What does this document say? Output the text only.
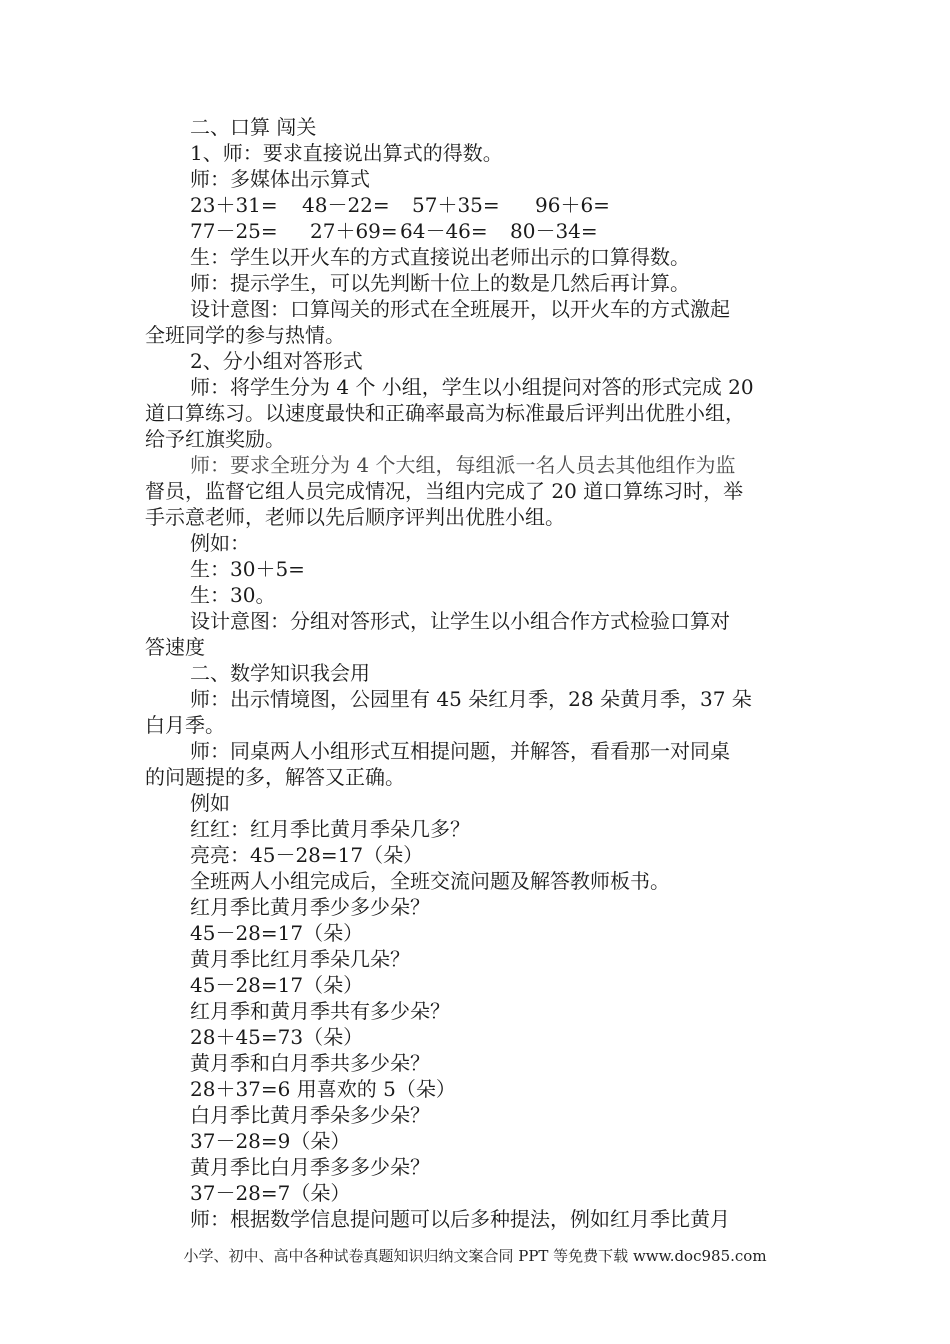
二、口算 闯关
1、师：要求直接说出算式的得数。
师：多媒体出示算式
23＋31=	48－22=	57＋35=	96＋6=
77－25=	27＋69= 64－46=	80－34=
生：学生以开火车的方式直接说出老师出示的口算得数。
师：提示学生，可以先判断十位上的数是几然后再计算。
设计意图：口算闯关的形式在全班展开，以开火车的方式激起
全班同学的参与热情。
2、分小组对答形式
师：将学生分为 4 个 小组，学生以小组提问对答的形式完成 20
道口算练习。以速度最快和正确率最高为标准最后评判出优胜小组，
给予红旗奖励。
师：要求全班分为 4 个大组，每组派一名人员去其他组作为监
督员，监督它组人员完成情况，当组内完成了 20 道口算练习时，举
手示意老师，老师以先后顺序评判出优胜小组。
例如：
生：30＋5=
生：30。
设计意图：分组对答形式，让学生以小组合作方式检验口算对
答速度
二、数学知识我会用
师：出示情境图，公园里有 45 朵红月季，28 朵黄月季，37 朵
白月季。
师：同桌两人小组形式互相提问题，并解答，看看那一对同桌
的问题提的多，解答又正确。
例如
红红：红月季比黄月季朵几多？
亮亮：45－28=17（朵）
全班两人小组完成后，全班交流问题及解答教师板书。
红月季比黄月季少多少朵？
45－28=17（朵）
黄月季比红月季朵几朵？
45－28=17（朵）
红月季和黄月季共有多少朵？
28＋45=73（朵）
黄月季和白月季共多少朵？
28＋37=6 用喜欢的 5（朵）
白月季比黄月季朵多少朵？
37－28=9（朵）
黄月季比白月季多多少朵？
37－28=7（朵）
师：根据数学信息提问题可以后多种提法，例如红月季比黄月
小学、初中、高中各种试卷真题知识归纳文案合同 PPT 等免费下载 www.doc985.com
